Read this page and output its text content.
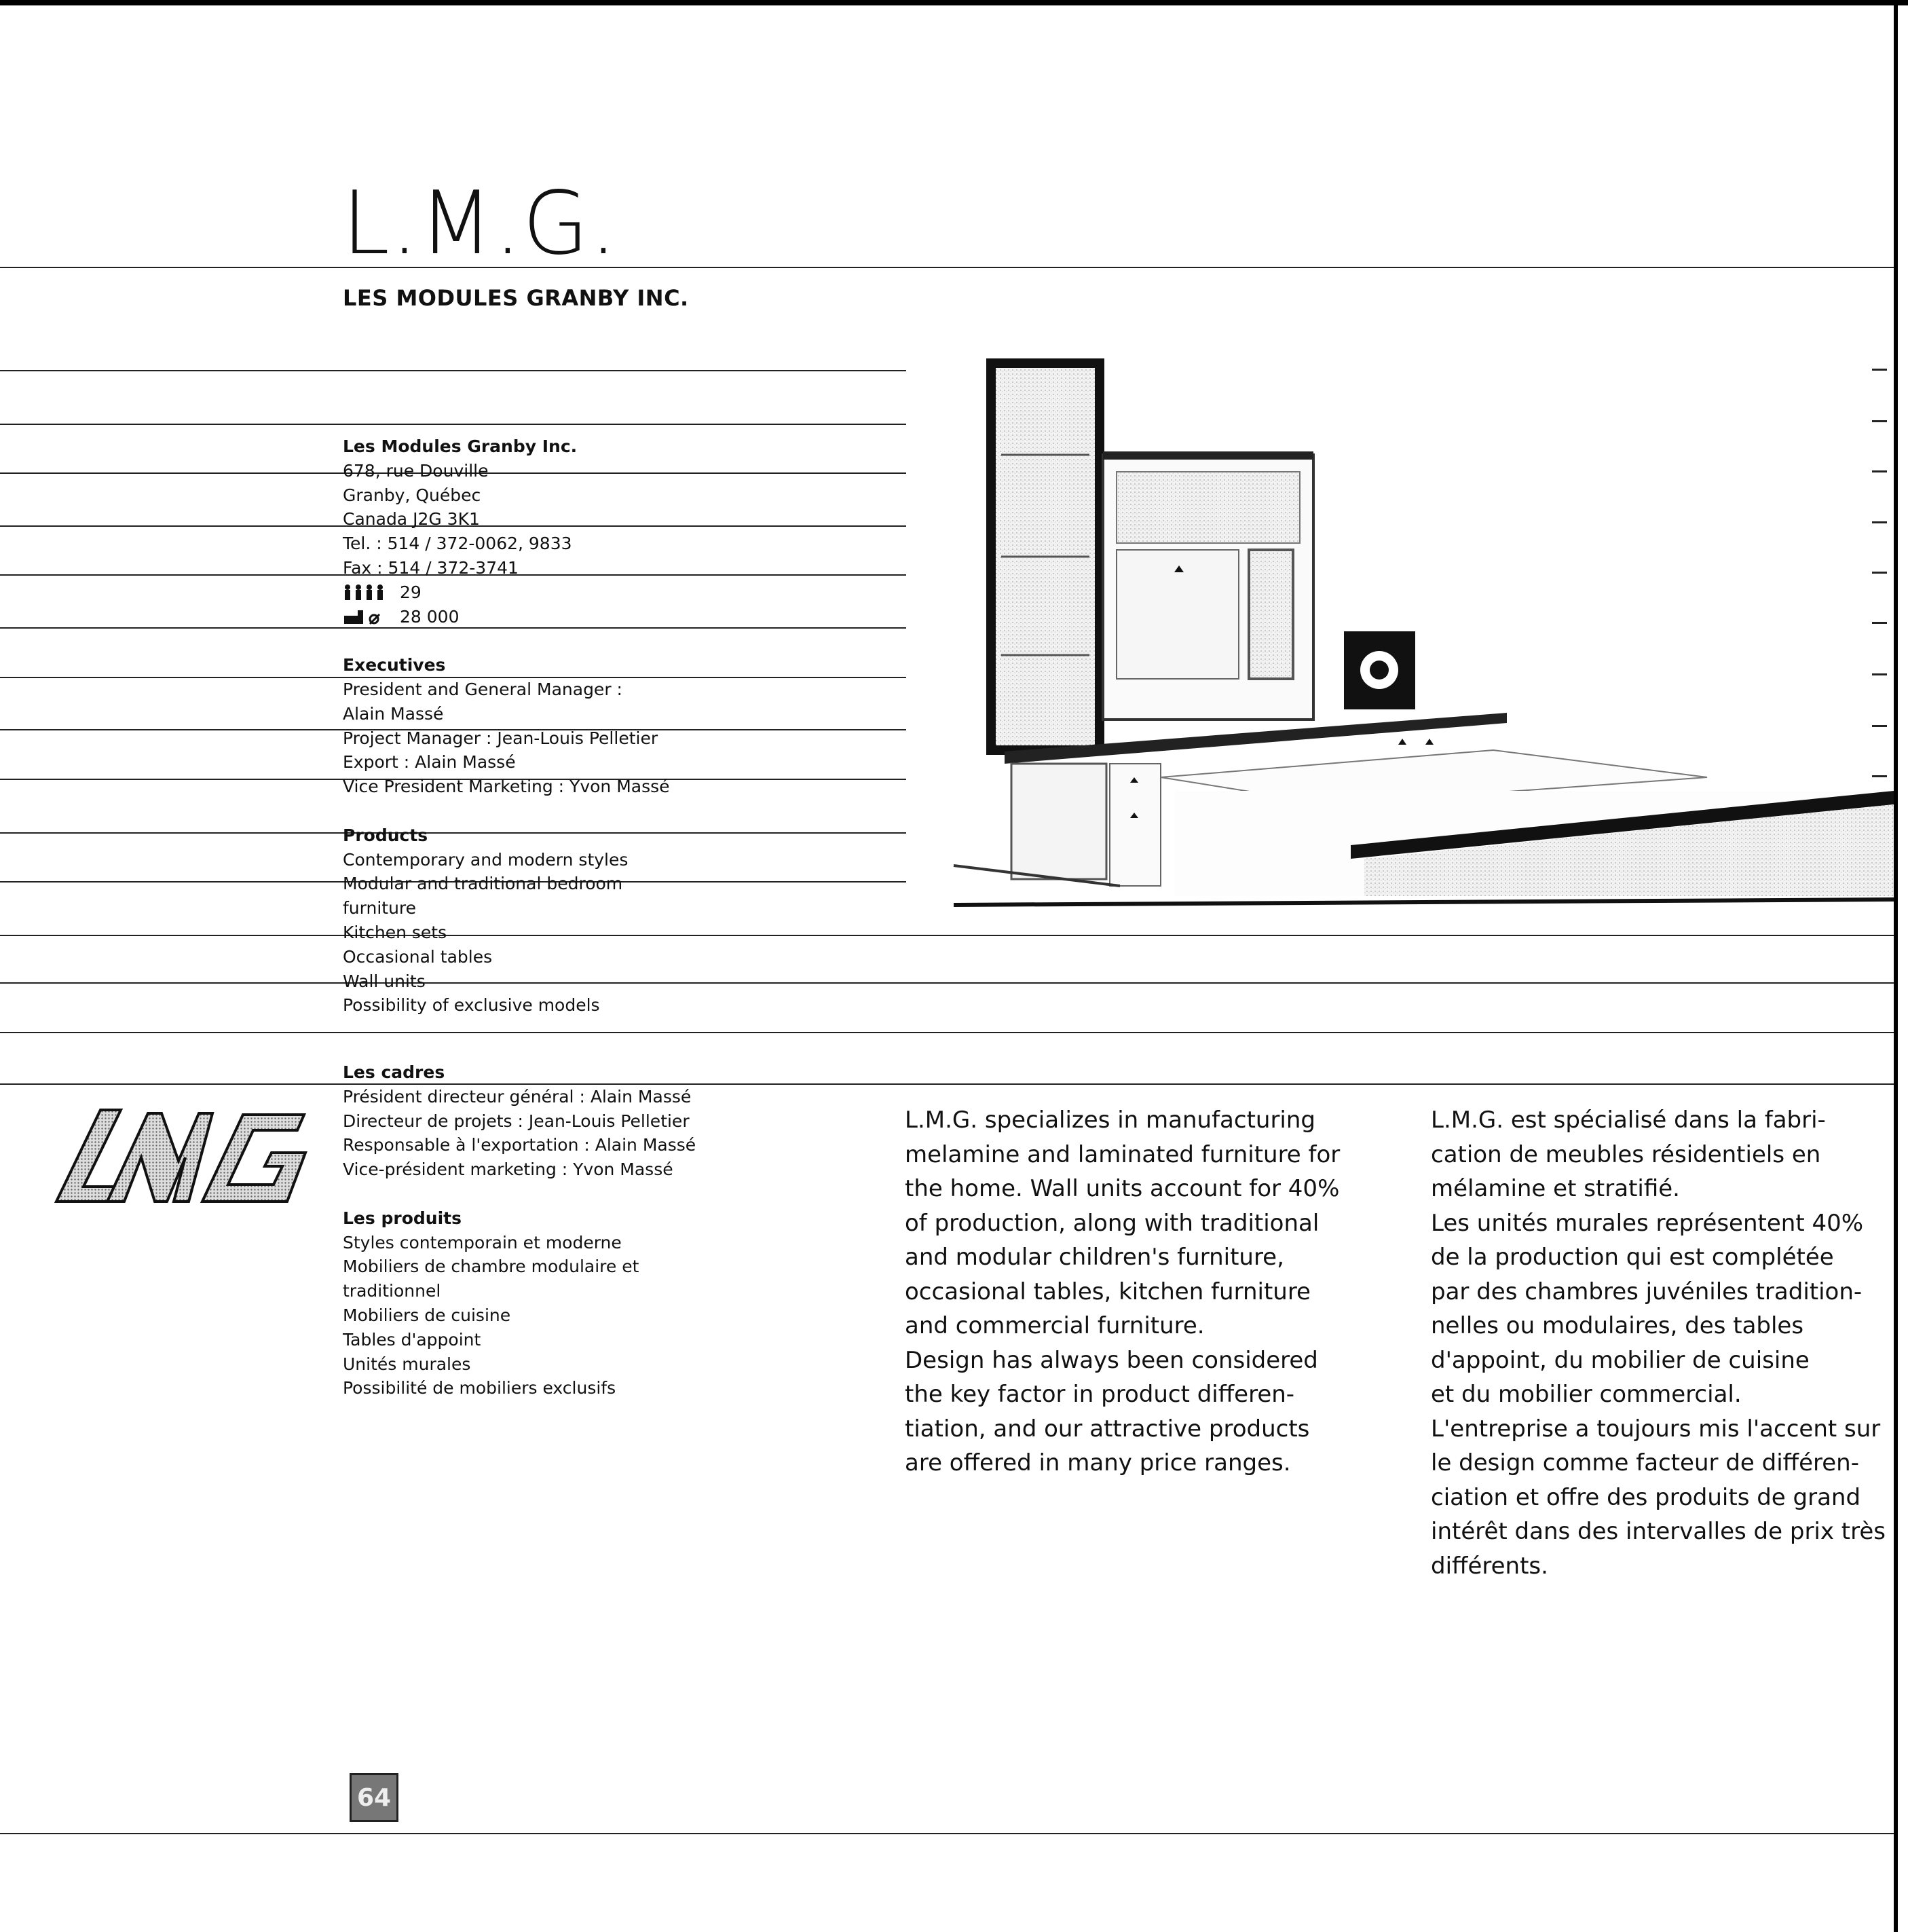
L.M.G.
LES MODULES GRANBY INC.
Les Modules Granby Inc.
678, rue Douville
Granby, Québec
Canada J2G 3K1
Tel. : 514 / 372-0062, 9833
Fax : 514 / 372-3741
29
28 000
Executives
President and General Manager :
Alain Massé
Project Manager : Jean-Louis Pelletier
Export : Alain Massé
Vice President Marketing : Yvon Massé
Products
Contemporary and modern styles
Modular and traditional bedroom
furniture
Kitchen sets
Occasional tables
Wall units
Possibility of exclusive models
Les cadres
Président directeur général : Alain Massé
Directeur de projets : Jean-Louis Pelletier
Responsable à l'exportation : Alain Massé
Vice-président marketing : Yvon Massé
Les produits
Styles contemporain et moderne
Mobiliers de chambre modulaire et
traditionnel
Mobiliers de cuisine
Tables d'appoint
Unités murales
Possibilité de mobiliers exclusifs
L.M.G. specializes in manufacturing
melamine and laminated furniture for
the home. Wall units account for 40%
of production, along with traditional
and modular children's furniture,
occasional tables, kitchen furniture
and commercial furniture.
Design has always been considered
the key factor in product differen-
tiation, and our attractive products
are offered in many price ranges.
L.M.G. est spécialisé dans la fabri-
cation de meubles résidentiels en
mélamine et stratifié.
Les unités murales représentent 40%
de la production qui est complétée
par des chambres juvéniles tradition-
nelles ou modulaires, des tables
d'appoint, du mobilier de cuisine
et du mobilier commercial.
L'entreprise a toujours mis l'accent sur
le design comme facteur de différen-
ciation et offre des produits de grand
intérêt dans des intervalles de prix très
différents.
64
